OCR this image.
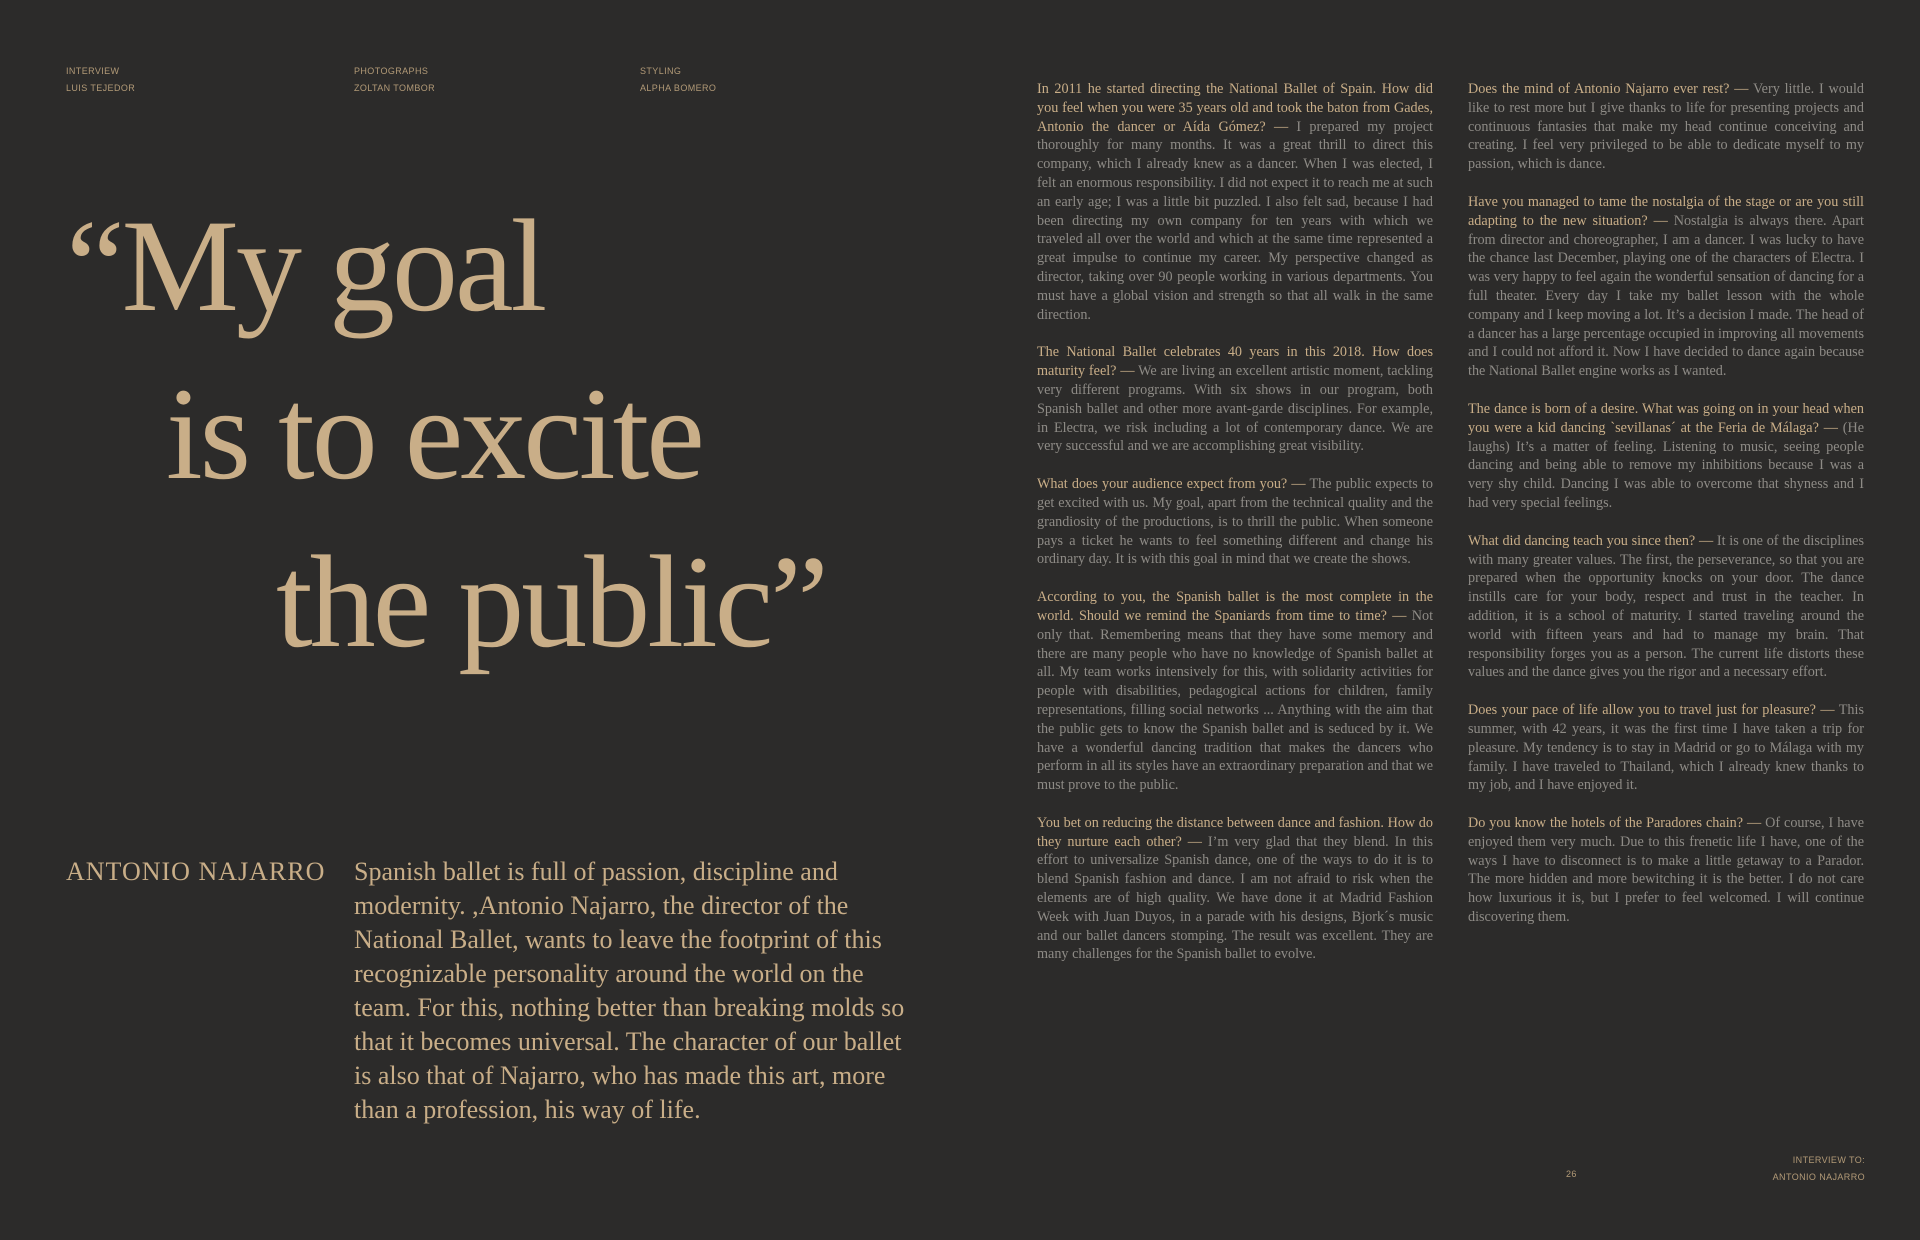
INTERVIEW
LUIS TEJEDOR
PHOTOGRAPHS
ZOLTAN TOMBOR
STYLING
ALPHA BOMERO
“My goal
is to excite
the public”
ANTONIO NAJARRO Spanish ballet is full of passion, discipline and modernity. ,Antonio Najarro, the director of the National Ballet, wants to leave the footprint of this recognizable personality around the world on the team. For this, nothing better than breaking molds so that it becomes universal. The character of our ballet is also that of Najarro, who has made this art, more than a profession, his way of life.

In 2011 he started directing the National Ballet of Spain. How did you feel when you were 35 years old and took the baton from Gades, Antonio the dancer or Aída Gómez? — I prepared my project thoroughly for many months. It was a great thrill to direct this company, which I already knew as a dancer. When I was elected, I felt an enormous responsibility. I did not expect it to reach me at such an early age; I was a little bit puzzled. I also felt sad, because I had been directing my own company for ten years with which we traveled all over the world and which at the same time represented a great impulse to continue my career. My perspective changed as director, taking over 90 people working in various departments. You must have a global vision and strength so that all walk in the same direction.

The National Ballet celebrates 40 years in this 2018. How does maturity feel? — We are living an excellent artistic moment, tackling very different programs. With six shows in our program, both Spanish ballet and other more avant-garde disciplines. For example, in Electra, we risk including a lot of contemporary dance. We are very successful and we are accomplishing great visibility.

What does your audience expect from you? — The public expects to get excited with us. My goal, apart from the technical quality and the grandiosity of the productions, is to thrill the public. When someone pays a ticket he wants to feel something different and change his ordinary day. It is with this goal in mind that we create the shows.

According to you, the Spanish ballet is the most complete in the world. Should we remind the Spaniards from time to time? — Not only that. Remembering means that they have some memory and there are many people who have no knowledge of Spanish ballet at all. My team works intensively for this, with solidarity activities for people with disabilities, pedagogical actions for children, family representations, filling social networks ... Anything with the aim that the public gets to know the Spanish ballet and is seduced by it. We have a wonderful dancing tradition that makes the dancers who perform in all its styles have an extraordinary preparation and that we must prove to the public.

You bet on reducing the distance between dance and fashion. How do they nurture each other? — I’m very glad that they blend. In this effort to universalize Spanish dance, one of the ways to do it is to blend Spanish fashion and dance. I am not afraid to risk when the elements are of high quality. We have done it at Madrid Fashion Week with Juan Duyos, in a parade with his designs, Bjork´s music and our ballet dancers stomping. The result was excellent. They are many challenges for the Spanish ballet to evolve.

Does the mind of Antonio Najarro ever rest? — Very little. I would like to rest more but I give thanks to life for presenting projects and continuous fantasies that make my head continue conceiving and creating. I feel very privileged to be able to dedicate myself to my passion, which is dance.

Have you managed to tame the nostalgia of the stage or are you still adapting to the new situation? — Nostalgia is always there. Apart from director and choreographer, I am a dancer. I was lucky to have the chance last December, playing one of the characters of Electra. I was very happy to feel again the wonderful sensation of dancing for a full theater. Every day I take my ballet lesson with the whole company and I keep moving a lot. It’s a decision I made. The head of a dancer has a large percentage occupied in improving all movements and I could not afford it. Now I have decided to dance again because the National Ballet engine works as I wanted.

The dance is born of a desire. What was going on in your head when you were a kid dancing `sevillanas´ at the Feria de Málaga? — (He laughs) It’s a matter of feeling. Listening to music, seeing people dancing and being able to remove my inhibitions because I was a very shy child. Dancing I was able to overcome that shyness and I had very special feelings.

What did dancing teach you since then? — It is one of the disciplines with many greater values. The first, the perseverance, so that you are prepared when the opportunity knocks on your door. The dance instills care for your body, respect and trust in the teacher. In addition, it is a school of maturity. I started traveling around the world with fifteen years and had to manage my brain. That responsibility forges you as a person. The current life distorts these values and the dance gives you the rigor and a necessary effort.

Does your pace of life allow you to travel just for pleasure? — This summer, with 42 years, it was the first time I have taken a trip for pleasure. My tendency is to stay in Madrid or go to Málaga with my family. I have traveled to Thailand, which I already knew thanks to my job, and I have enjoyed it.

Do you know the hotels of the Paradores chain? — Of course, I have enjoyed them very much. Due to this frenetic life I have, one of the ways I have to disconnect is to make a little getaway to a Parador. The more hidden and more bewitching it is the better. I do not care how luxurious it is, but I prefer to feel welcomed. I will continue discovering them.

26
INTERVIEW TO:
ANTONIO NAJARRO
